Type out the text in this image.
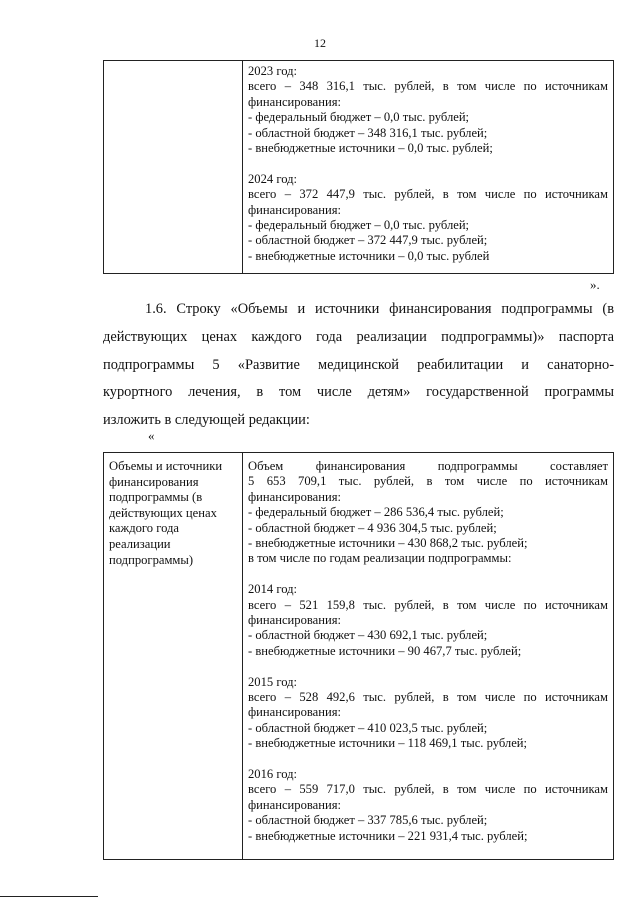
12
2023 год:
всего – 348 316,1 тыс. рублей, в том числе по источникам
финансирования:
- федеральный бюджет – 0,0 тыс. рублей;
- областной бюджет – 348 316,1 тыс. рублей;
- внебюджетные источники – 0,0 тыс. рублей;
2024 год:
всего – 372 447,9 тыс. рублей, в том числе по источникам
финансирования:
- федеральный бюджет – 0,0 тыс. рублей;
- областной бюджет – 372 447,9 тыс. рублей;
- внебюджетные источники – 0,0 тыс. рублей
».
1.6. Строку «Объемы и источники финансирования подпрограммы (в
действующих ценах каждого года реализации подпрограммы)» паспорта
подпрограммы 5 «Развитие медицинской реабилитации и санаторно-
курортного лечения, в том числе детям» государственной программы
изложить в следующей редакции:
«
Объемы и источники финансирования подпрограммы (в действующих ценах каждого года реализации подпрограммы)
Объем финансирования подпрограммы составляет
5 653 709,1 тыс. рублей, в том числе по источникам
финансирования:
- федеральный бюджет – 286 536,4 тыс. рублей;
- областной бюджет – 4 936 304,5 тыс. рублей;
- внебюджетные источники – 430 868,2 тыс. рублей;
в том числе по годам реализации подпрограммы:
2014 год:
всего – 521 159,8 тыс. рублей, в том числе по источникам
финансирования:
- областной бюджет – 430 692,1 тыс. рублей;
- внебюджетные источники – 90 467,7 тыс. рублей;
2015 год:
всего – 528 492,6 тыс. рублей, в том числе по источникам
финансирования:
- областной бюджет – 410 023,5 тыс. рублей;
- внебюджетные источники – 118 469,1 тыс. рублей;
2016 год:
всего – 559 717,0 тыс. рублей, в том числе по источникам
финансирования:
- областной бюджет – 337 785,6 тыс. рублей;
- внебюджетные источники – 221 931,4 тыс. рублей;
